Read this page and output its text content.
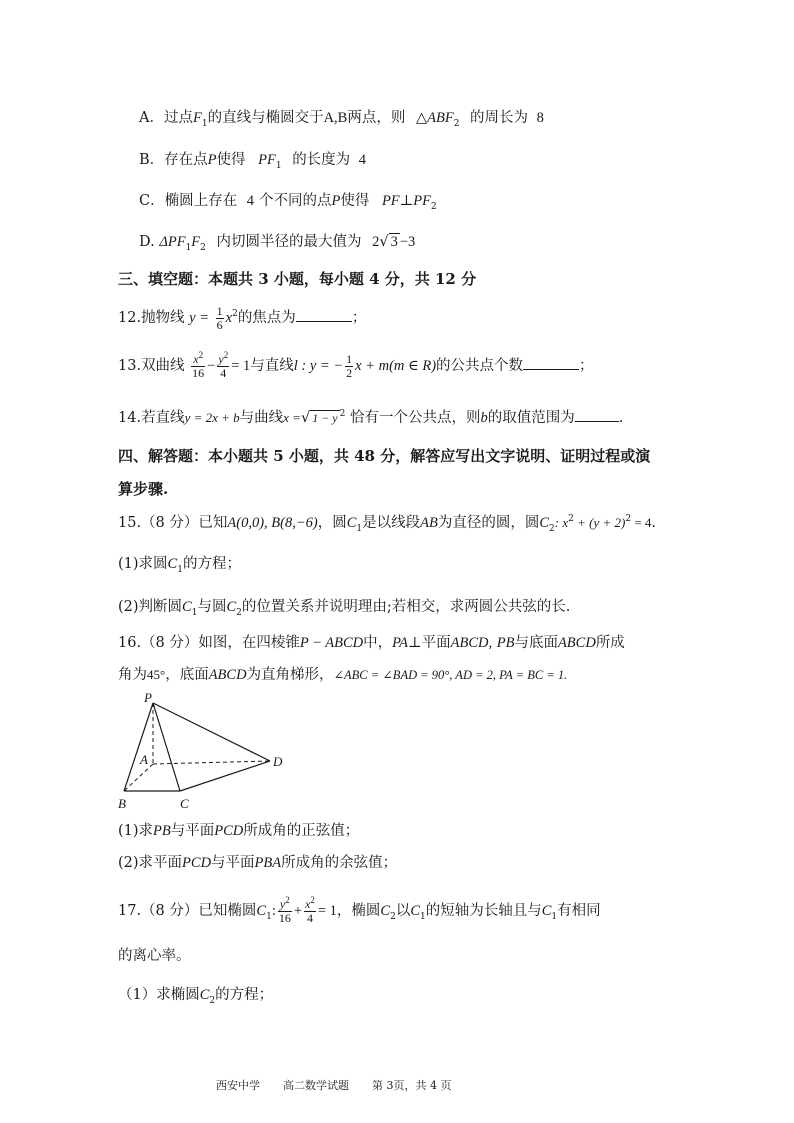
A．过点$F_1$的直线与椭圆交于A,B两点，则 $\triangle ABF_2$ 的周长为 8
B．存在点P使得 $PF_1$ 的长度为 4
C．椭圆上存在 4 个不同的点P使得 $PF\perp PF_2$
D. $\Delta PF_1F_2$ 内切圆半径的最大值为 2√ 3 −3
三、填空题：本题共 3 小题，每小题 4 分，共 12 分
12.抛物线 $y = \frac{1}{6} x^2$的焦点为	；
13.双曲线 $\frac{x^2}{16} - \frac{y^2}{4} = 1$与直线l : y = − $\frac{1}{2}$ x + m(m ∈ R)的公共点个数	；
14.若直线y = 2x + b与曲线x =√ 1 − y $^2$ 恰有一个公共点，则b的取值范围为	.
四、解答题：本小题共 5 小题，共 48 分，解答应写出文字说明、证明过程或演
算步骤.
15.（8 分）已知A(0,0), B(8,−6)，圆$C_1$是以线段AB为直径的圆，圆$C_2$: $x^2 + (y + 2)^2 = 4$.
(1)求圆$C_1$的方程；
(2)判断圆$C_1$与圆$C_2$的位置关系并说明理由;若相交，求两圆公共弦的长.
16.（8 分）如图，在四棱锥P − ABCD中，PA⊥平面ABCD, PB与底面ABCD所成
角为45°，底面ABCD为直角梯形，∠ABC = ∠BAD = 90°, AD = 2, PA = BC = 1.
P
A
B	C
D
(1)求PB与平面PCD所成角的正弦值；
(2)求平面PCD与平面PBA所成角的余弦值；
17.（8 分）已知椭圆$C_1$: $\frac{y^2}{16} + \frac{x^2}{4} = 1$，椭圆$C_2$以$C_1$的短轴为长轴且与$C_1$有相同
的离心率。
（1）求椭圆$C_2$的方程；
西安中学 高二数学试题 第 3页，共 4 页
